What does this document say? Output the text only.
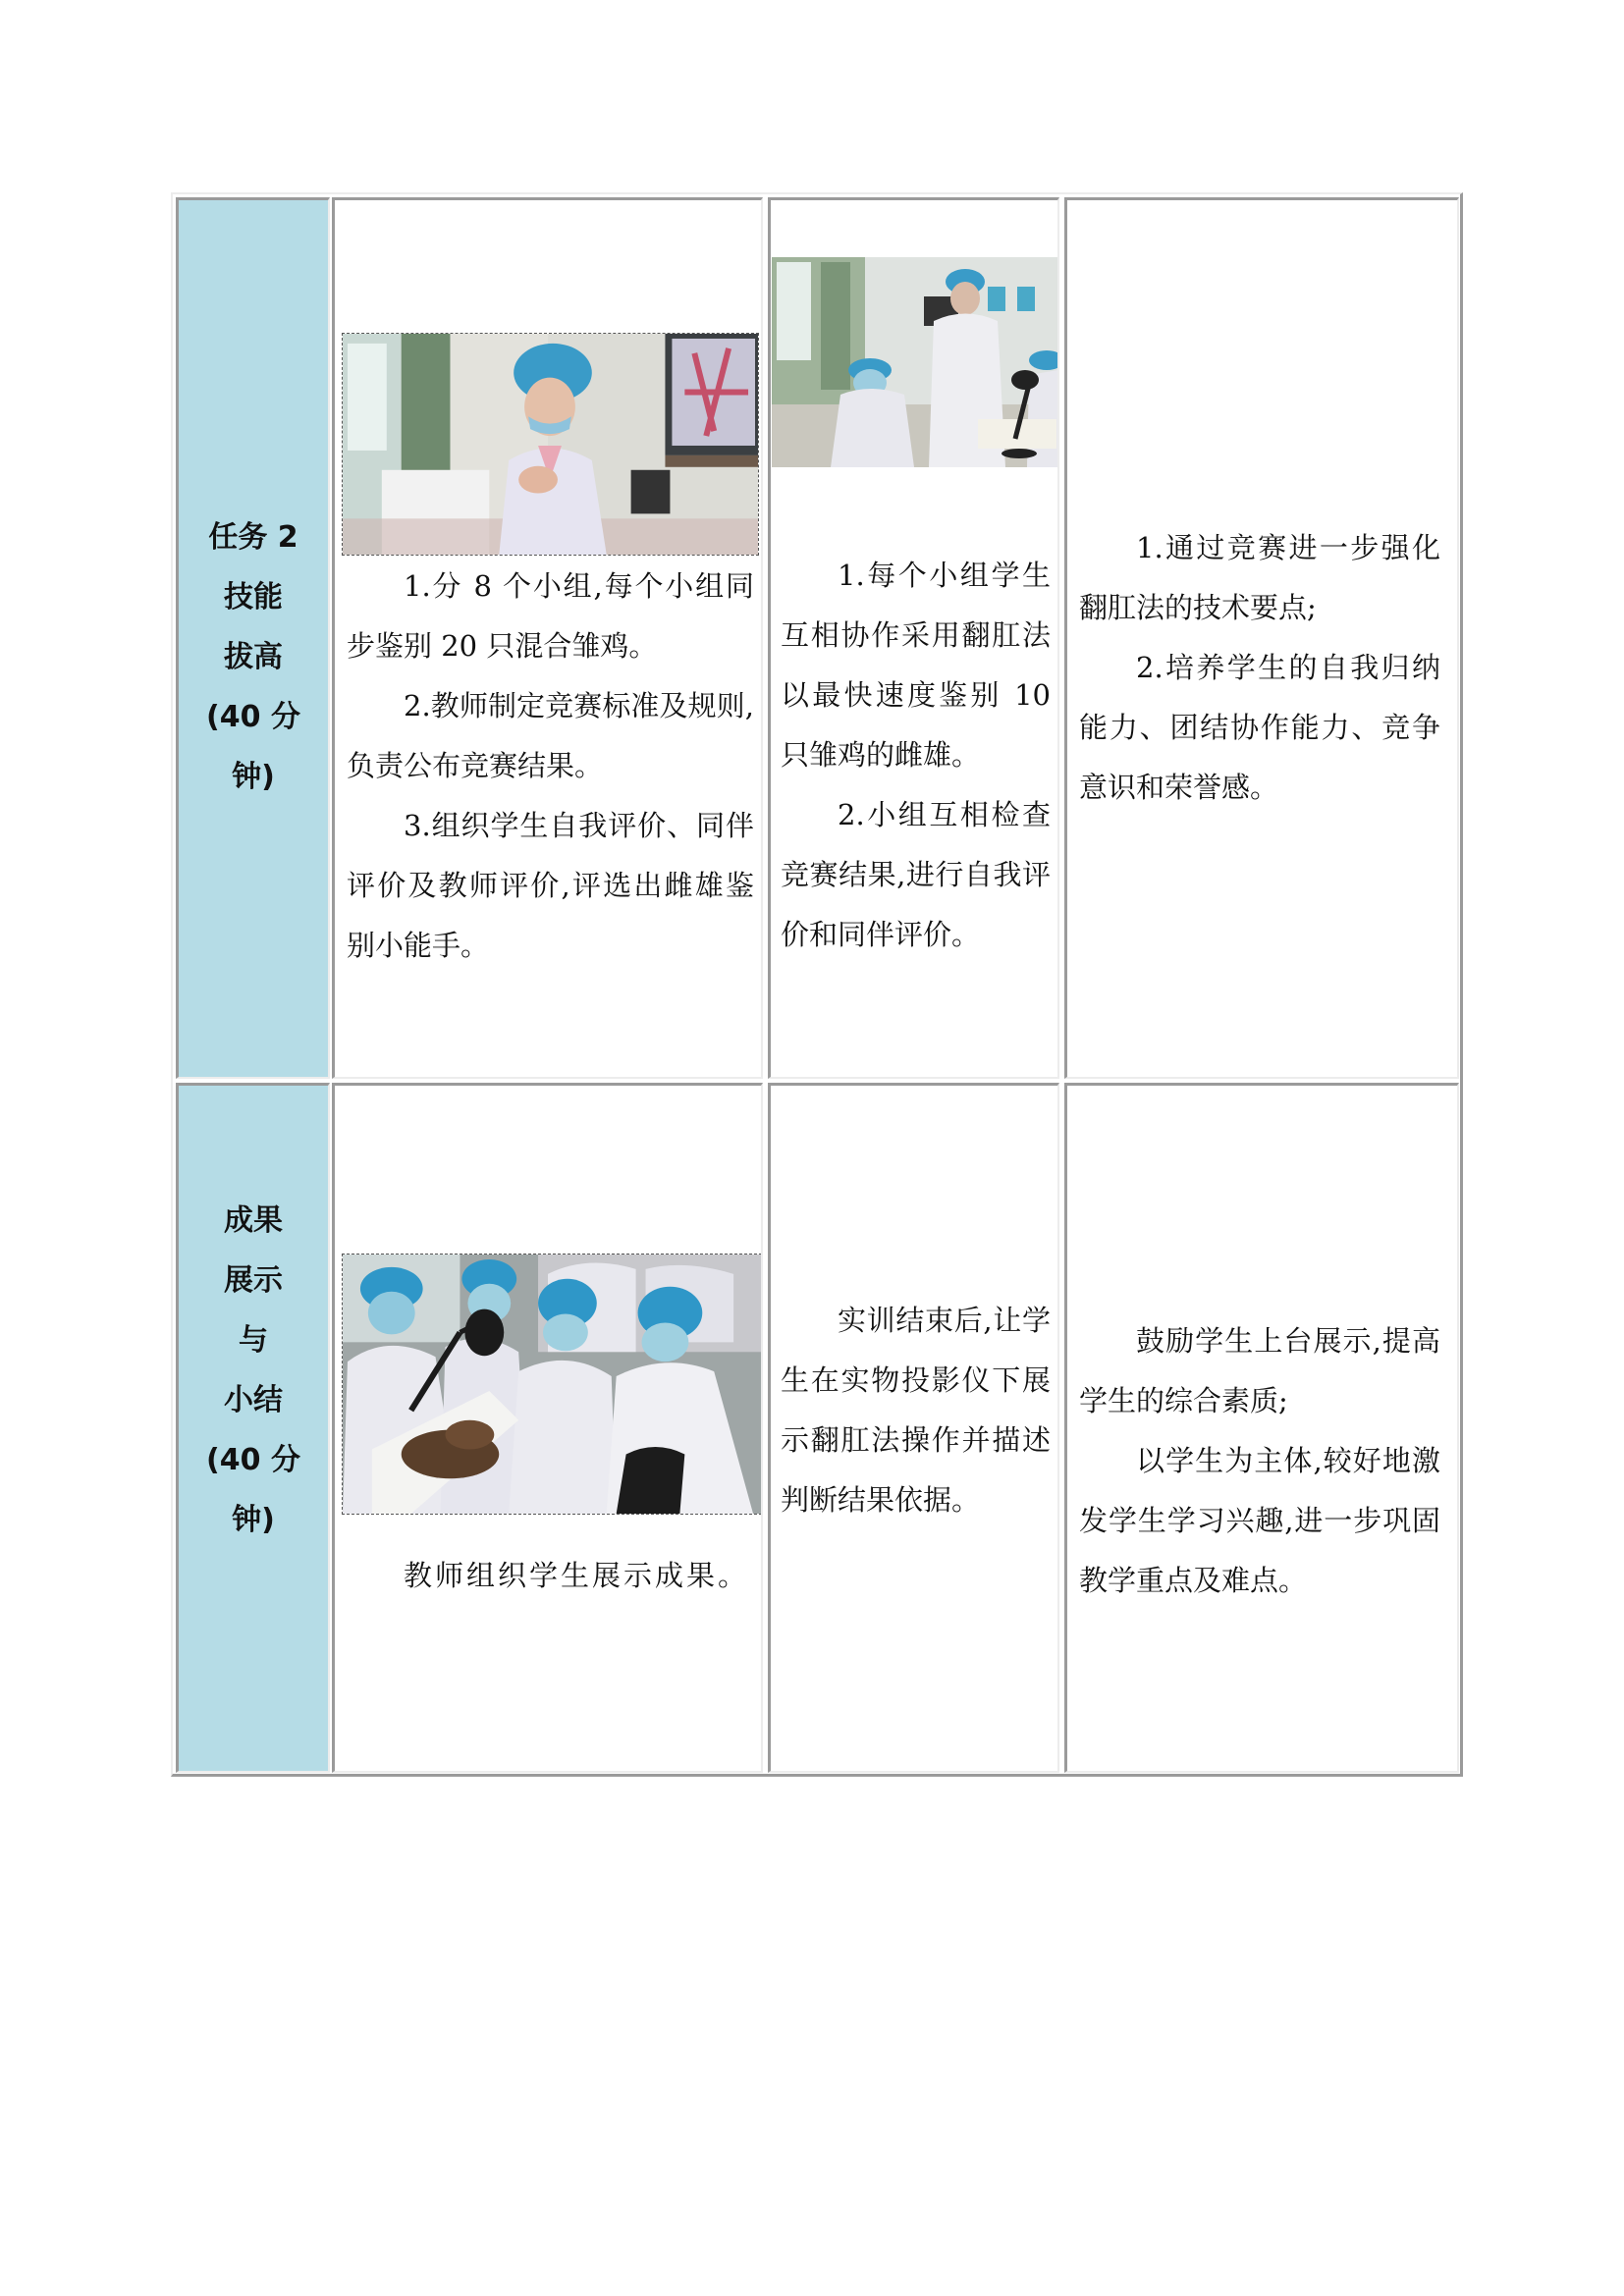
任务 2
技能
拔高
(40 分
钟)

1.分 8 个小组,每个小组同步鉴别 20 只混合雏鸡。

2.教师制定竞赛标准及规则,负责公布竞赛结果。

3.组织学生自我评价、同伴评价及教师评价,评选出雌雄鉴别小能手。

1.每个小组学生互相协作采用翻肛法以最快速度鉴别 10 只雏鸡的雌雄。

2.小组互相检查竞赛结果,进行自我评价和同伴评价。

1.通过竞赛进一步强化翻肛法的技术要点;

2.培养学生的自我归纳能力、团结协作能力、竞争意识和荣誉感。

成果
展示
与
小结
(40 分
钟)

教师组织学生展示成果。

实训结束后,让学生在实物投影仪下展示翻肛法操作并描述判断结果依据。

鼓励学生上台展示,提高学生的综合素质;

以学生为主体,较好地激发学生学习兴趣,进一步巩固教学重点及难点。
